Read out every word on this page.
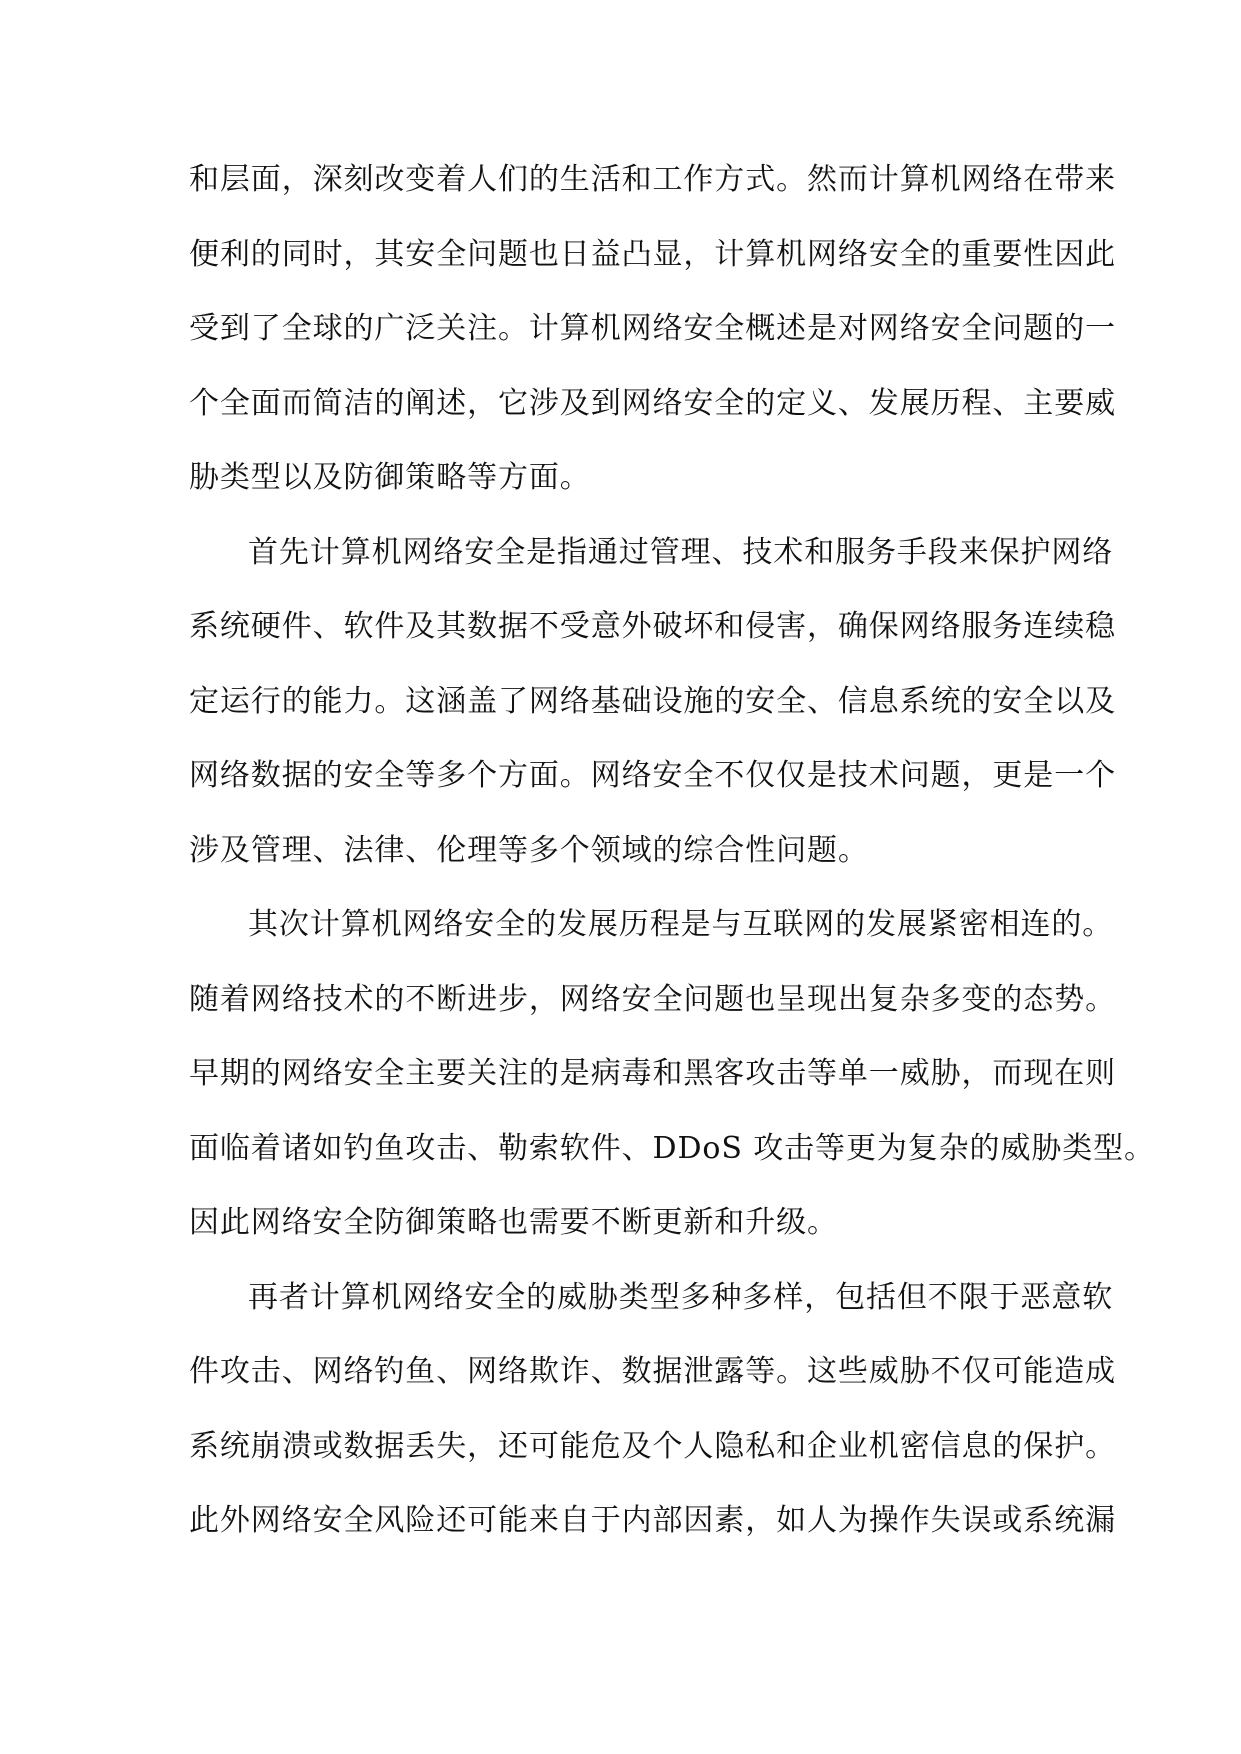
和层面，深刻改变着人们的生活和工作方式。然而计算机网络在带来
便利的同时，其安全问题也日益凸显，计算机网络安全的重要性因此
受到了全球的广泛关注。计算机网络安全概述是对网络安全问题的一
个全面而简洁的阐述，它涉及到网络安全的定义、发展历程、主要威
胁类型以及防御策略等方面。
首先计算机网络安全是指通过管理、技术和服务手段来保护网络
系统硬件、软件及其数据不受意外破坏和侵害，确保网络服务连续稳
定运行的能力。这涵盖了网络基础设施的安全、信息系统的安全以及
网络数据的安全等多个方面。网络安全不仅仅是技术问题，更是一个
涉及管理、法律、伦理等多个领域的综合性问题。
其次计算机网络安全的发展历程是与互联网的发展紧密相连的。
随着网络技术的不断进步，网络安全问题也呈现出复杂多变的态势。
早期的网络安全主要关注的是病毒和黑客攻击等单一威胁，而现在则
面临着诸如钓鱼攻击、勒索软件、DDoS 攻击等更为复杂的威胁类型。
因此网络安全防御策略也需要不断更新和升级。
再者计算机网络安全的威胁类型多种多样，包括但不限于恶意软
件攻击、网络钓鱼、网络欺诈、数据泄露等。这些威胁不仅可能造成
系统崩溃或数据丢失，还可能危及个人隐私和企业机密信息的保护。
此外网络安全风险还可能来自于内部因素，如人为操作失误或系统漏
